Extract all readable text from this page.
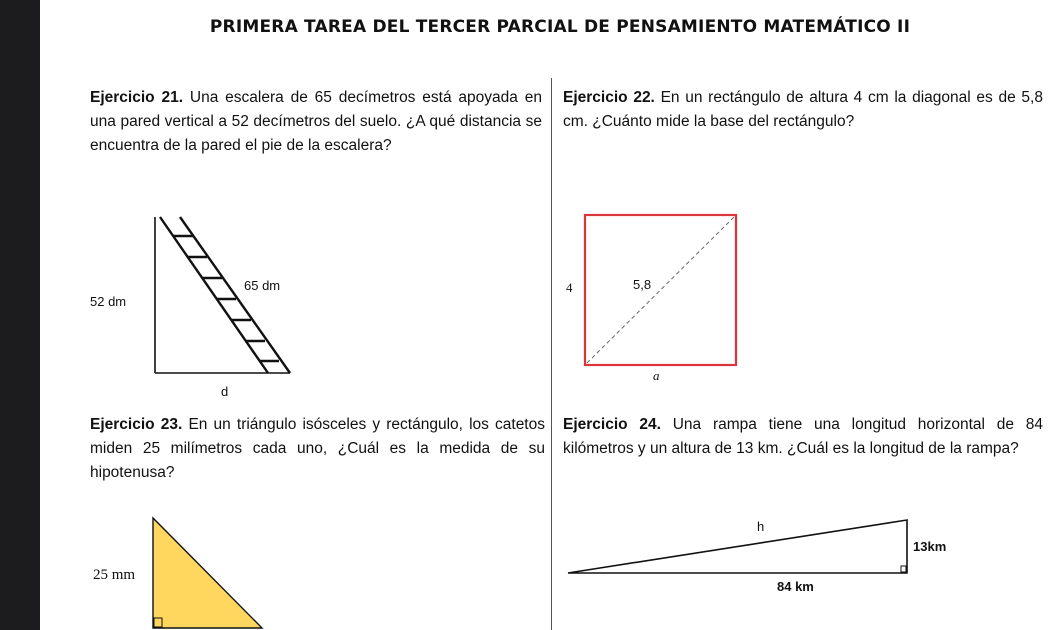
PRIMERA TAREA DEL TERCER PARCIAL DE PENSAMIENTO MATEMÁTICO II
Ejercicio 21. Una escalera de 65 decímetros está apoyada en una pared vertical a 52 decímetros del suelo. ¿A qué distancia se encuentra de la pared el pie de la escalera?
Ejercicio 22. En un rectángulo de altura 4 cm la diagonal es de 5,8 cm. ¿Cuánto mide la base del rectángulo?
Ejercicio 23. En un triángulo isósceles y rectángulo, los catetos miden 25 milímetros cada uno, ¿Cuál es la medida de su hipotenusa?
Ejercicio 24. Una rampa tiene una longitud horizontal de 84 kilómetros y un altura de 13 km. ¿Cuál es la longitud de la rampa?
52 dm
65 dm
d
4	5,8
a
25 mm
h
13km
84 km
